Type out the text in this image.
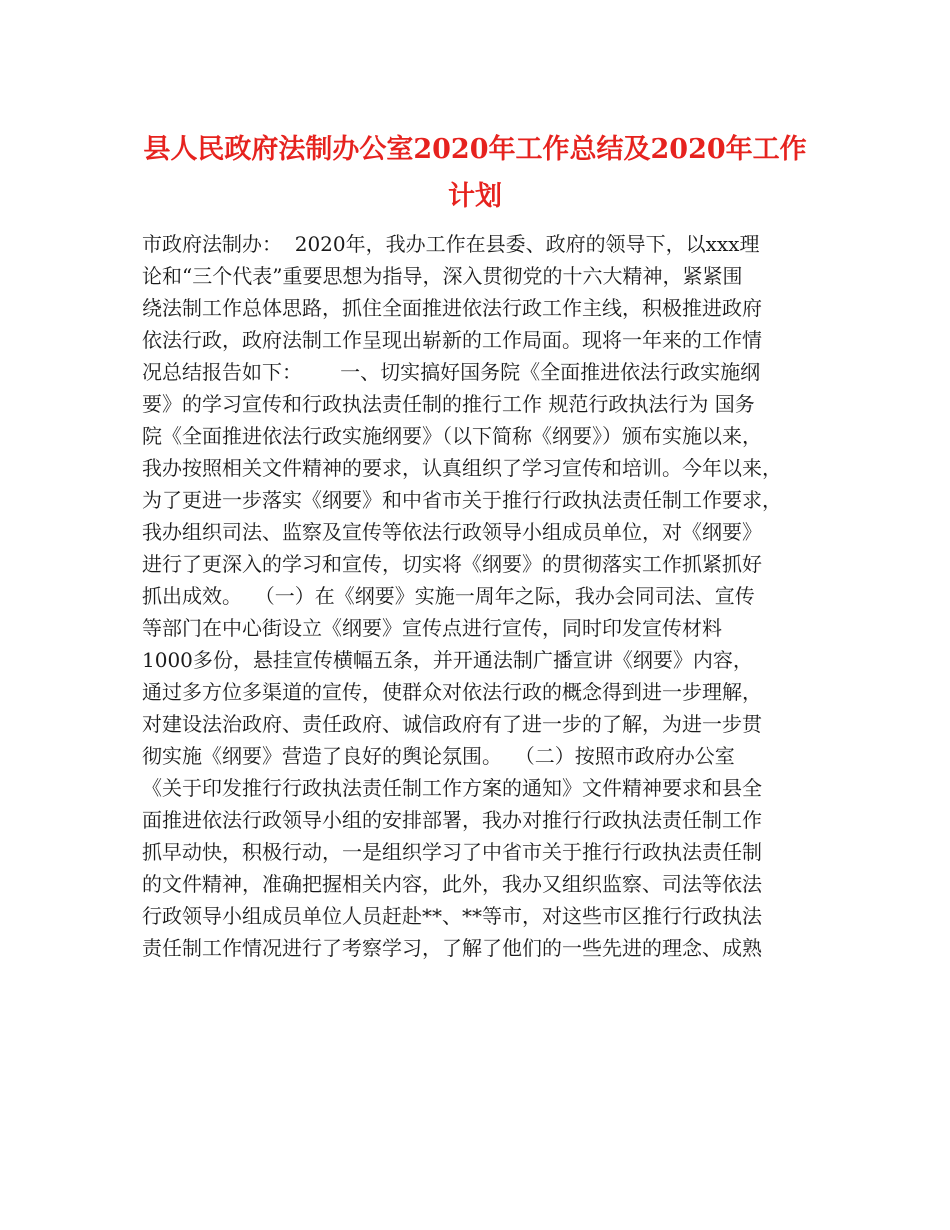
县人民政府法制办公室2020年工作总结及2020年工作
计划
市政府法制办：  2020年，我办工作在县委、政府的领导下，以xxx理
论和“三个代表”重要思想为指导，深入贯彻党的十六大精神，紧紧围
绕法制工作总体思路，抓住全面推进依法行政工作主线，积极推进政府
依法行政，政府法制工作呈现出崭新的工作局面。现将一年来的工作情
况总结报告如下：      一、切实搞好国务院《全面推进依法行政实施纲
要》的学习宣传和行政执法责任制的推行工作 规范行政执法行为 国务
院《全面推进依法行政实施纲要》（以下简称《纲要》）颁布实施以来，
我办按照相关文件精神的要求，认真组织了学习宣传和培训。今年以来，
为了更进一步落实《纲要》和中省市关于推行行政执法责任制工作要求，
我办组织司法、监察及宣传等依法行政领导小组成员单位，对《纲要》
进行了更深入的学习和宣传，切实将《纲要》的贯彻落实工作抓紧抓好
抓出成效。  （一）在《纲要》实施一周年之际，我办会同司法、宣传
等部门在中心街设立《纲要》宣传点进行宣传，同时印发宣传材料
1000多份，悬挂宣传横幅五条，并开通法制广播宣讲《纲要》内容，
通过多方位多渠道的宣传，使群众对依法行政的概念得到进一步理解，
对建设法治政府、责任政府、诚信政府有了进一步的了解，为进一步贯
彻实施《纲要》营造了良好的舆论氛围。  （二）按照市政府办公室
《关于印发推行行政执法责任制工作方案的通知》文件精神要求和县全
面推进依法行政领导小组的安排部署，我办对推行行政执法责任制工作
抓早动快，积极行动，一是组织学习了中省市关于推行行政执法责任制
的文件精神，准确把握相关内容，此外，我办又组织监察、司法等依法
行政领导小组成员单位人员赶赴**、**等市，对这些市区推行行政执法
责任制工作情况进行了考察学习，了解了他们的一些先进的理念、成熟
